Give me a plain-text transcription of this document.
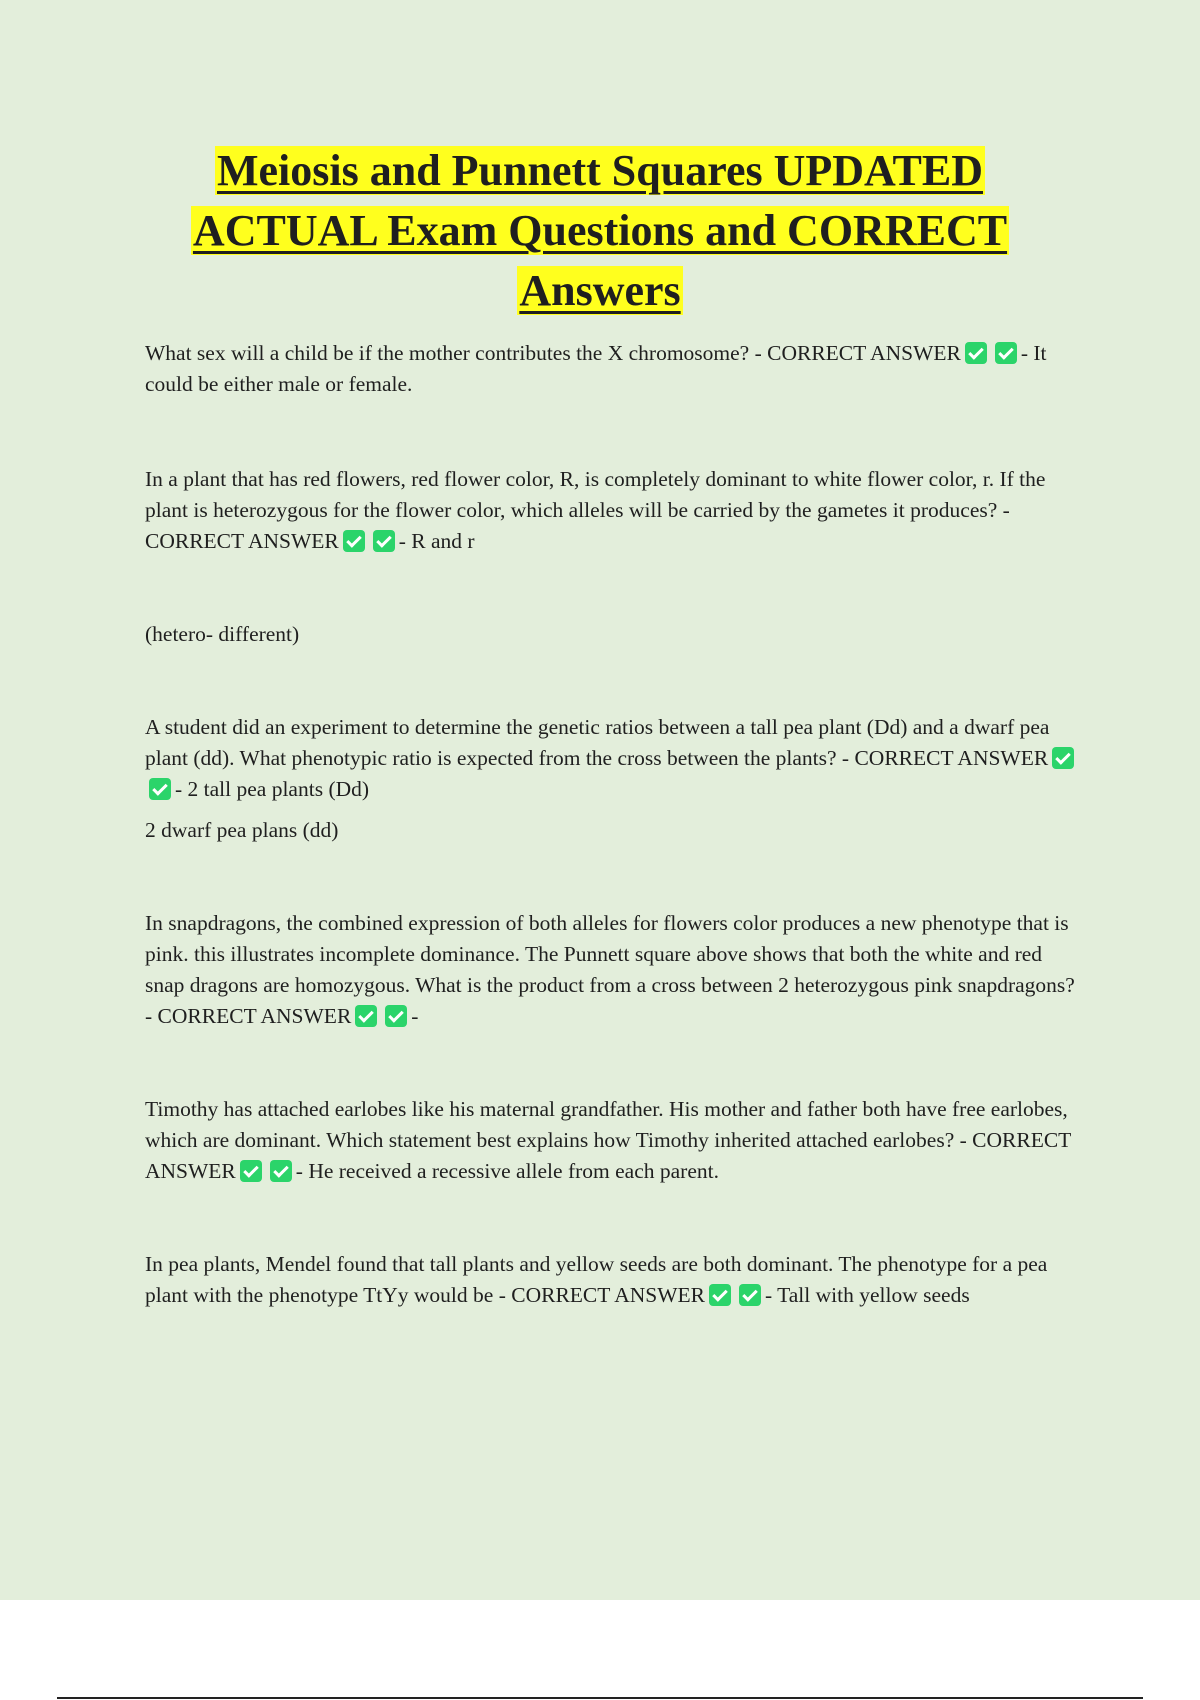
Meiosis and Punnett Squares UPDATED
ACTUAL Exam Questions and CORRECT
Answers

What sex will a child be if the mother contributes the X chromosome? - CORRECT ANSWER	- It could be either male or female.

In a plant that has red flowers, red flower color, R, is completely dominant to white flower color, r. If the plant is heterozygous for the flower color, which alleles will be carried by the gametes it produces? - CORRECT ANSWER	- R and r

(hetero- different)

A student did an experiment to determine the genetic ratios between a tall pea plant (Dd) and a dwarf pea plant (dd). What phenotypic ratio is expected from the cross between the plants? - CORRECT ANSWER- 2 tall pea plants (Dd)

2 dwarf pea plans (dd)

In snapdragons, the combined expression of both alleles for flowers color produces a new phenotype that is pink. this illustrates incomplete dominance. The Punnett square above shows that both the white and red snap dragons are homozygous. What is the product from a cross between 2 heterozygous pink snapdragons? - CORRECT ANSWER	-

Timothy has attached earlobes like his maternal grandfather. His mother and father both have free earlobes, which are dominant. Which statement best explains how Timothy inherited attached earlobes? - CORRECT ANSWER	- He received a recessive allele from each parent.

In pea plants, Mendel found that tall plants and yellow seeds are both dominant. The phenotype for a pea plant with the phenotype TtYy would be - CORRECT ANSWER	- Tall with yellow seeds
